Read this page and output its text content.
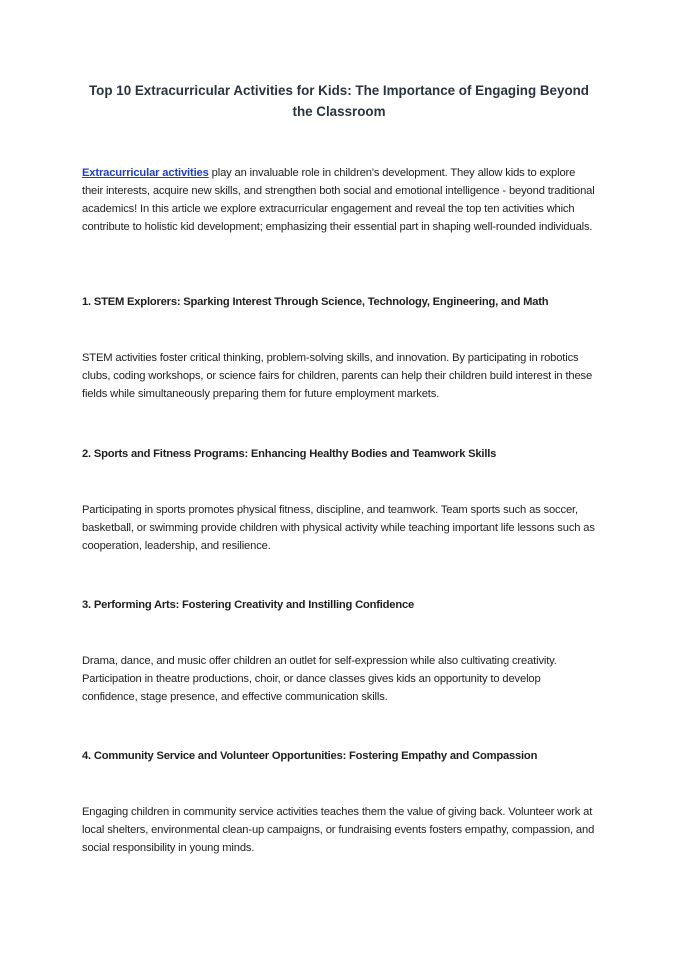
Top 10 Extracurricular Activities for Kids: The Importance of Engaging Beyond the Classroom
Extracurricular activities play an invaluable role in children's development. They allow kids to explore their interests, acquire new skills, and strengthen both social and emotional intelligence - beyond traditional academics! In this article we explore extracurricular engagement and reveal the top ten activities which contribute to holistic kid development; emphasizing their essential part in shaping well-rounded individuals.
1. STEM Explorers: Sparking Interest Through Science, Technology, Engineering, and Math
STEM activities foster critical thinking, problem-solving skills, and innovation. By participating in robotics clubs, coding workshops, or science fairs for children, parents can help their children build interest in these fields while simultaneously preparing them for future employment markets.
2. Sports and Fitness Programs: Enhancing Healthy Bodies and Teamwork Skills
Participating in sports promotes physical fitness, discipline, and teamwork. Team sports such as soccer, basketball, or swimming provide children with physical activity while teaching important life lessons such as cooperation, leadership, and resilience.
3. Performing Arts: Fostering Creativity and Instilling Confidence
Drama, dance, and music offer children an outlet for self-expression while also cultivating creativity. Participation in theatre productions, choir, or dance classes gives kids an opportunity to develop confidence, stage presence, and effective communication skills.
4. Community Service and Volunteer Opportunities: Fostering Empathy and Compassion
Engaging children in community service activities teaches them the value of giving back. Volunteer work at local shelters, environmental clean-up campaigns, or fundraising events fosters empathy, compassion, and social responsibility in young minds.
